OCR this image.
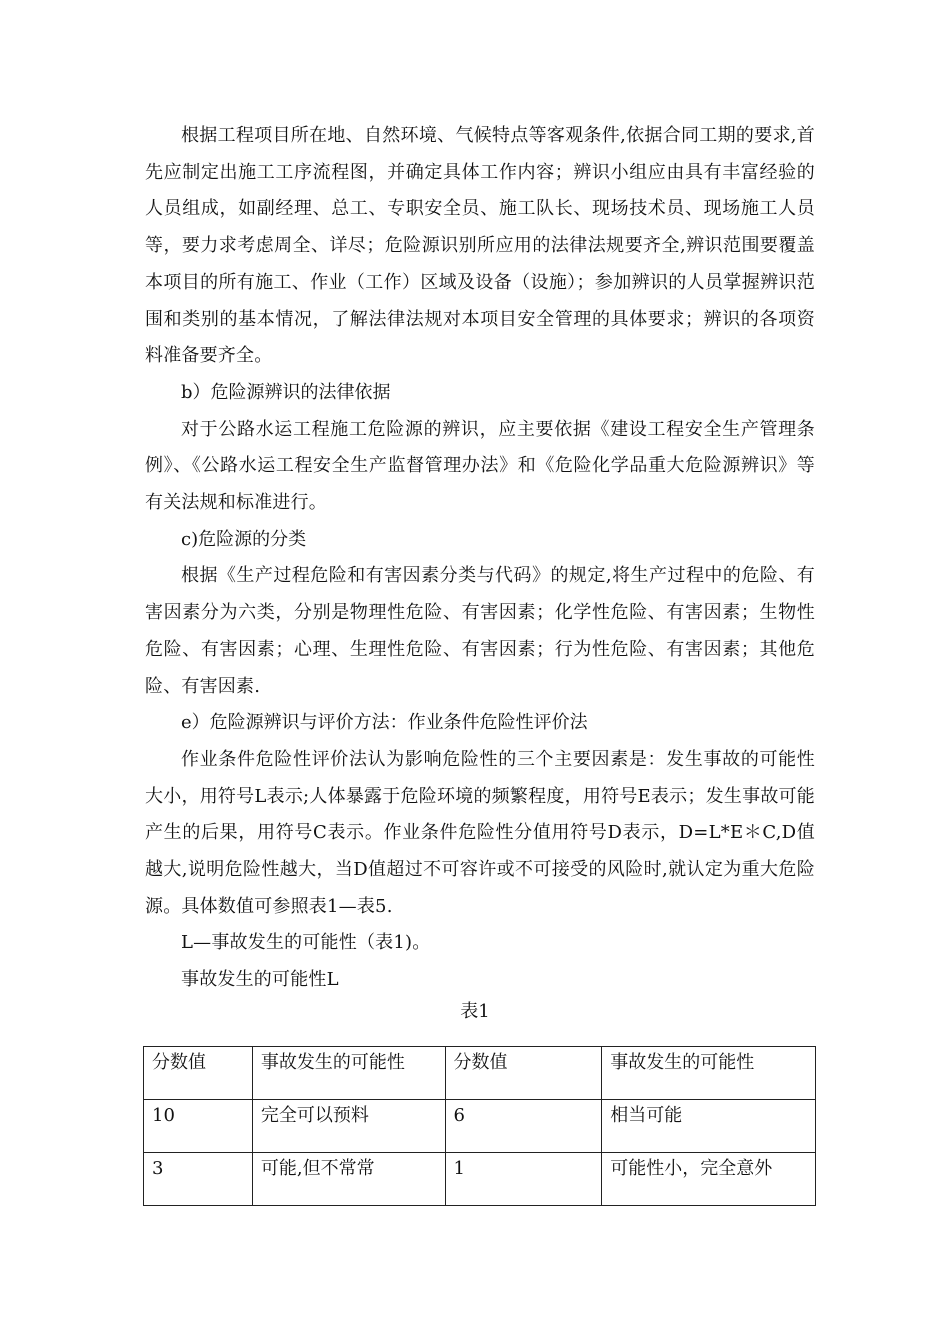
根据工程项目所在地、自然环境、气候特点等客观条件,依据合同工期的要求,首先应制定出施工工序流程图，并确定具体工作内容；辨识小组应由具有丰富经验的人员组成，如副经理、总工、专职安全员、施工队长、现场技术员、现场施工人员等，要力求考虑周全、详尽；危险源识别所应用的法律法规要齐全,辨识范围要覆盖本项目的所有施工、作业（工作）区域及设备（设施）；参加辨识的人员掌握辨识范围和类别的基本情况，了解法律法规对本项目安全管理的具体要求；辨识的各项资料准备要齐全。

b）危险源辨识的法律依据

对于公路水运工程施工危险源的辨识，应主要依据《建设工程安全生产管理条例》、《公路水运工程安全生产监督管理办法》和《危险化学品重大危险源辨识》等有关法规和标准进行。

c)危险源的分类

根据《生产过程危险和有害因素分类与代码》的规定,将生产过程中的危险、有害因素分为六类，分别是物理性危险、有害因素；化学性危险、有害因素；生物性危险、有害因素；心理、生理性危险、有害因素；行为性危险、有害因素；其他危险、有害因素.

e）危险源辨识与评价方法：作业条件危险性评价法

作业条件危险性评价法认为影响危险性的三个主要因素是：发生事故的可能性大小，用符号L表示;人体暴露于危险环境的频繁程度，用符号E表示；发生事故可能产生的后果，用符号C表示。作业条件危险性分值用符号D表示，D=L*E＊C,D值越大,说明危险性越大，当D值超过不可容许或不可接受的风险时,就认定为重大危险源。具体数值可参照表1—表5.

L—事故发生的可能性（表1)。

事故发生的可能性L

表1
分数值	事故发生的可能性	分数值	事故发生的可能性
10	完全可以预料	6	相当可能
3	可能,但不常常	1	可能性小，完全意外
